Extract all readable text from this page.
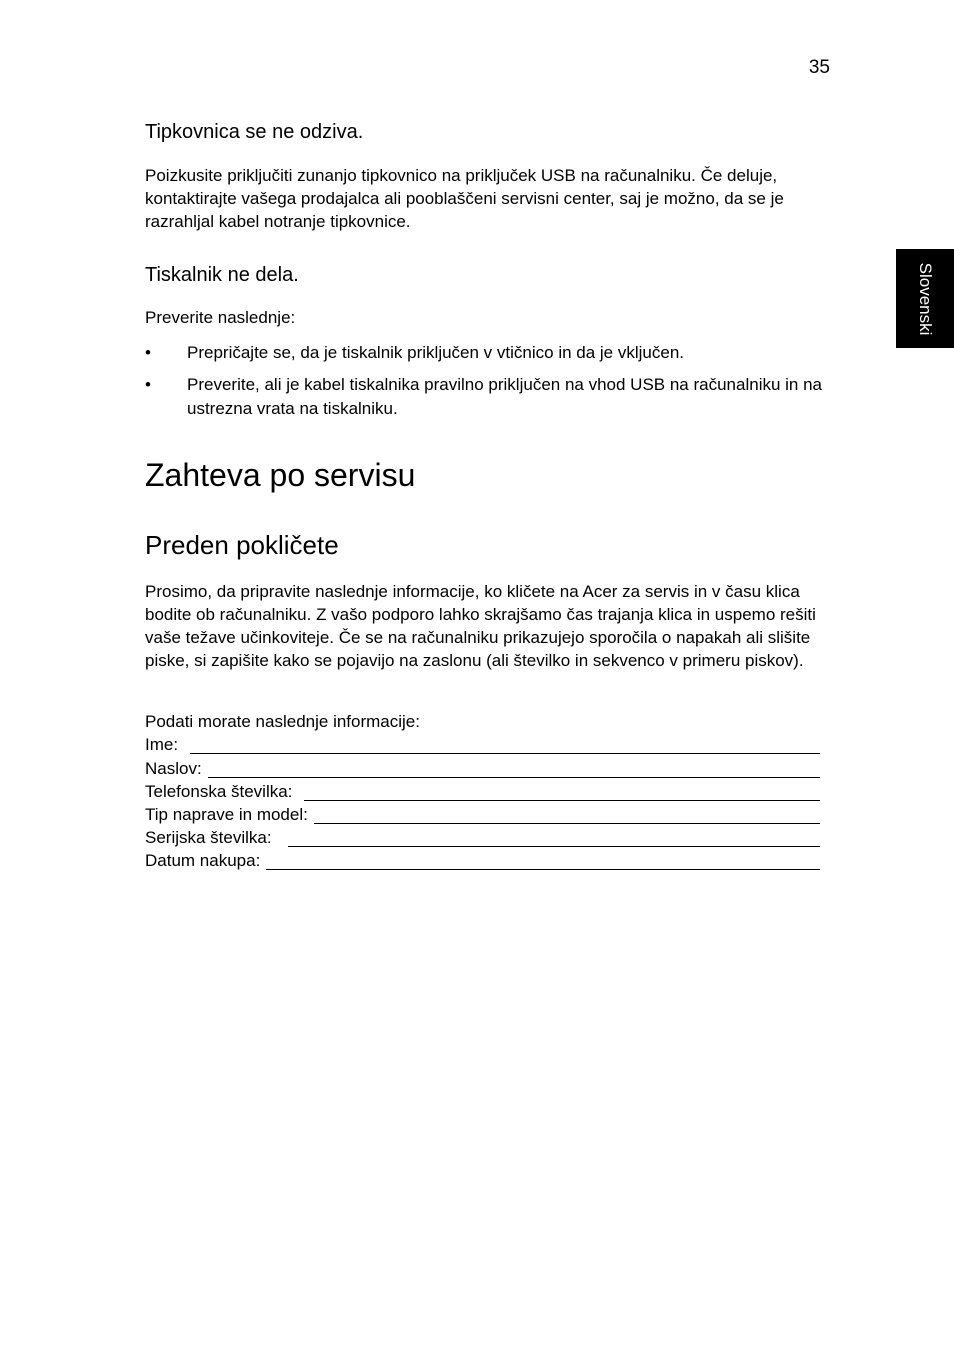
35
Slovenski
Tipkovnica se ne odziva.

Poizkusite priključiti zunanjo tipkovnico na priključek USB na računalniku. Če deluje, kontaktirajte vašega prodajalca ali pooblaščeni servisni center, saj je možno, da se je razrahljal kabel notranje tipkovnice.

Tiskalnik ne dela.

Preverite naslednje:

• Prepričajte se, da je tiskalnik priključen v vtičnico in da je vključen.
• Preverite, ali je kabel tiskalnika pravilno priključen na vhod USB na računalniku in na ustrezna vrata na tiskalniku.
Zahteva po servisu
Preden pokličete

Prosimo, da pripravite naslednje informacije, ko kličete na Acer za servis in v času klica bodite ob računalniku. Z vašo podporo lahko skrajšamo čas trajanja klica in uspemo rešiti vaše težave učinkoviteje. Če se na računalniku prikazujejo sporočila o napakah ali slišite piske, si zapišite kako se pojavijo na zaslonu (ali številko in sekvenco v primeru piskov).

Podati morate naslednje informacije:

Ime:
Naslov:
Telefonska številka:
Tip naprave in model:
Serijska številka:
Datum nakupa:
